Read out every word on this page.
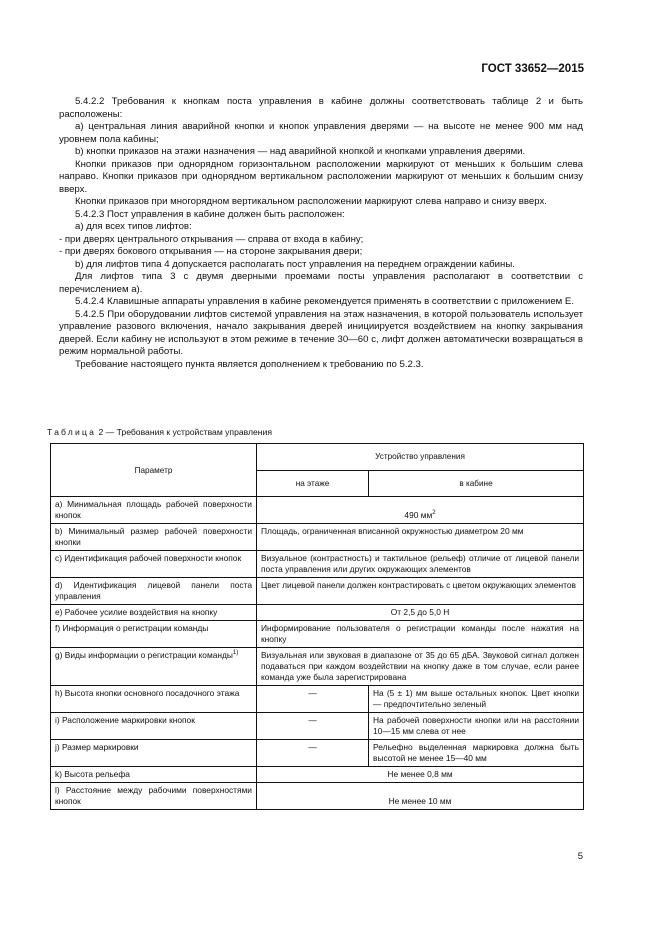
ГОСТ 33652—2015

5.4.2.2 Требования к кнопкам поста управления в кабине должны соответствовать таблице 2 и быть расположены:

a) центральная линия аварийной кнопки и кнопок управления дверями — на высоте не менее 900 мм над уровнем пола кабины;

b) кнопки приказов на этажи назначения — над аварийной кнопкой и кнопками управления дверями.

Кнопки приказов при однорядном горизонтальном расположении маркируют от меньших к большим слева направо. Кнопки приказов при однорядном вертикальном расположении маркируют от меньших к большим снизу вверх.

Кнопки приказов при многорядном вертикальном расположении маркируют слева направо и снизу вверх.

5.4.2.3 Пост управления в кабине должен быть расположен:

a) для всех типов лифтов:

- при дверях центрального открывания — справа от входа в кабину;

- при дверях бокового открывания — на стороне закрывания двери;

b) для лифтов типа 4 допускается располагать пост управления на переднем ограждении кабины.

Для лифтов типа 3 с двумя дверными проемами посты управления располагают в соответствии с перечислением a).

5.4.2.4 Клавишные аппараты управления в кабине рекомендуется применять в соответствии с приложением Е.

5.4.2.5 При оборудовании лифтов системой управления на этаж назначения, в которой пользователь использует управление разового включения, начало закрывания дверей инициируется воздействием на кнопку закрывания дверей. Если кабину не используют в этом режиме в течение 30—60 с, лифт должен автоматически возвращаться в режим нормальной работы.

Требование настоящего пункта является дополнением к требованию по 5.2.3.

Таблица 2 — Требования к устройствам управления
Параметр	Устройство управления	
	на этаже	в кабине
a) Минимальная площадь рабочей поверхности кнопок	490 $мм^2$
b) Минимальный размер рабочей поверхности кнопки	Площадь, ограниченная вписанной окружностью диаметром 20 мм	
c) Идентификация рабочей поверхности кнопок	Визуальное (контрастность) и тактильное (рельеф) отличие от лицевой панели поста управления или других окружающих элементов	
d) Идентификация лицевой панели поста управления	Цвет лицевой панели должен контрастировать с цветом окружающих элементов	
e) Рабочее усилие воздействия на кнопку	От 2,5 до 5,0 Н	
f) Информация о регистрации команды	Информирование пользователя о регистрации команды после нажатия на кнопку	
g) Виды информации о регистрации команды$^{1)}$	Визуальная или звуковая в диапазоне от 35 до 65 дБА. Звуковой сигнал должен подаваться при каждом воздействии на кнопку даже в том случае, если ранее команда уже была зарегистрирована	
h) Высота кнопки основного посадочного этажа	—	На (5 ± 1) мм выше остальных кнопок. Цвет кнопки — предпочтительно зеленый
i) Расположение маркировки кнопок	—	На рабочей поверхности кнопки или на расстоянии 10—15 мм слева от нее
j) Размер маркировки	—	Рельефно выделенная маркировка должна быть высотой не менее 15—40 мм
k) Высота рельефа	Не менее 0,8 мм	
l) Расстояние между рабочими поверхностями кнопок	Не менее 10 мм	
5
